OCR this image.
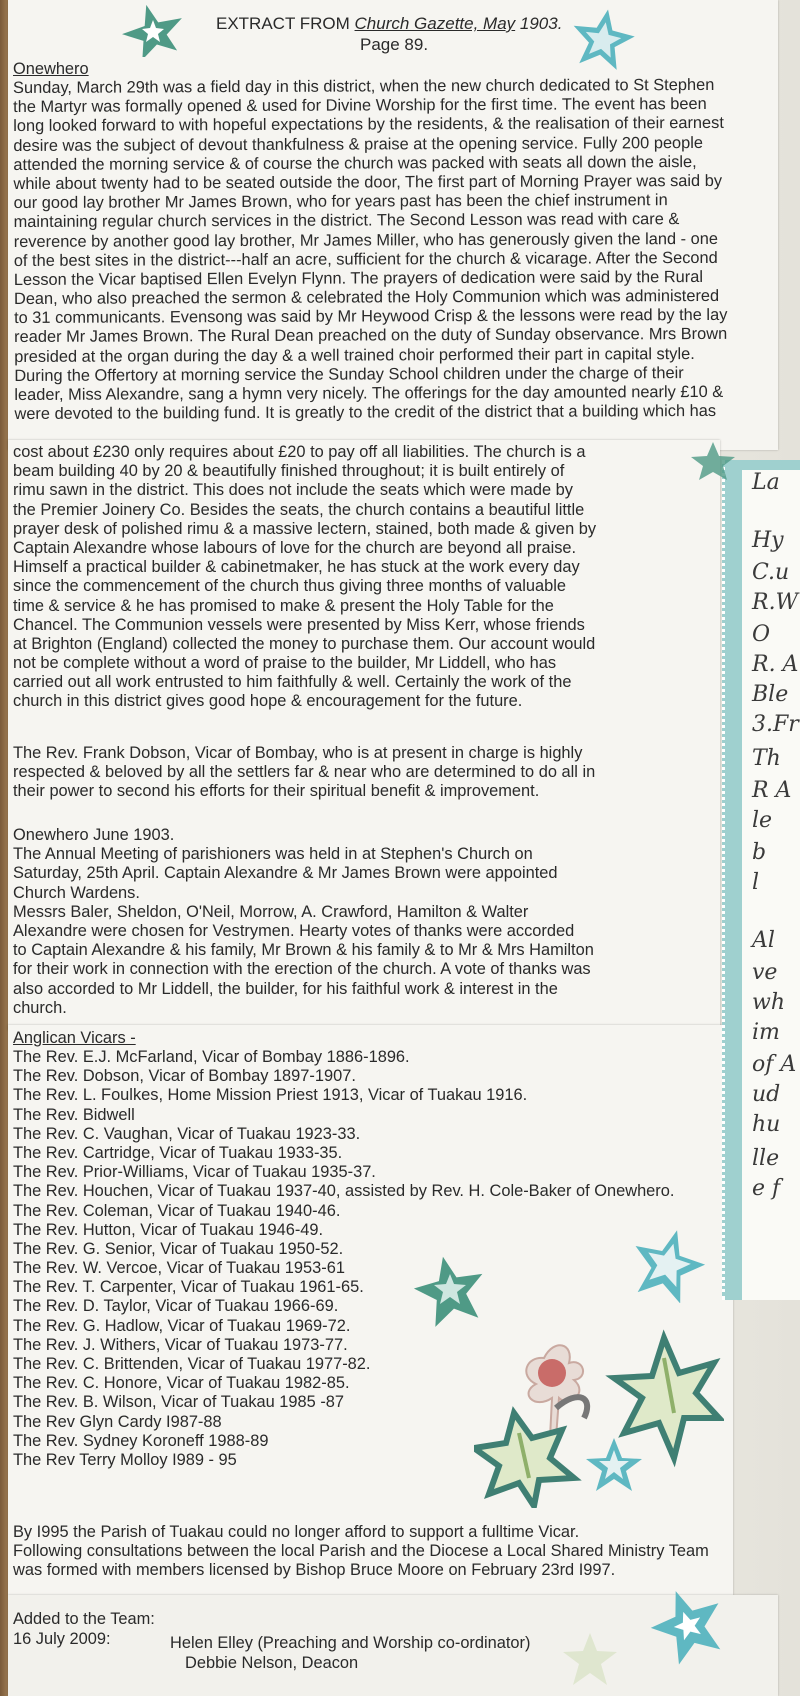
La
Hy
C.u
R.W
O
R. A
Ble
3.Fr
Th
R A
le
b
l
Al
ve
wh
im
of A
ud
hu
lle
e f
EXTRACT FROM Church Gazette, May 1903.
Page 89.
Onewhero
Sunday, March 29th was a field day in this district, when the new church dedicated to St Stephen
the Martyr was formally opened & used for Divine Worship for the first time. The event has been
long looked forward to with hopeful expectations by the residents, & the realisation of their earnest
desire was the subject of devout thankfulness & praise at the opening service. Fully 200 people
attended the morning service & of course the church was packed with seats all down the aisle,
while about twenty had to be seated outside the door, The first part of Morning Prayer was said by
our good lay brother Mr James Brown, who for years past has been the chief instrument in
maintaining regular church services in the district. The Second Lesson was read with care &
reverence by another good lay brother, Mr James Miller, who has generously given the land - one
of the best sites in the district---half an acre, sufficient for the church & vicarage. After the Second
Lesson the Vicar baptised Ellen Evelyn Flynn. The prayers of dedication were said by the Rural
Dean, who also preached the sermon & celebrated the Holy Communion which was administered
to 31 communicants. Evensong was said by Mr Heywood Crisp & the lessons were read by the lay
reader Mr James Brown. The Rural Dean preached on the duty of Sunday observance. Mrs Brown
presided at the organ during the day & a well trained choir performed their part in capital style.
During the Offertory at morning service the Sunday School children under the charge of their
leader, Miss Alexandre, sang a hymn very nicely. The offerings for the day amounted nearly £10 &
were devoted to the building fund. It is greatly to the credit of the district that a building which has
cost about £230 only requires about £20 to pay off all liabilities. The church is a
beam building 40 by 20 & beautifully finished throughout; it is built entirely of
rimu sawn in the district. This does not include the seats which were made by
the Premier Joinery Co. Besides the seats, the church contains a beautiful little
prayer desk of polished rimu & a massive lectern, stained, both made & given by
Captain Alexandre whose labours of love for the church are beyond all praise.
Himself a practical builder & cabinetmaker, he has stuck at the work every day
since the commencement of the church thus giving three months of valuable
time & service & he has promised to make & present the Holy Table for the
Chancel. The Communion vessels were presented by Miss Kerr, whose friends
at Brighton (England) collected the money to purchase them. Our account would
not be complete without a word of praise to the builder, Mr Liddell, who has
carried out all work entrusted to him faithfully & well. Certainly the work of the
church in this district gives good hope & encouragement for the future.
The Rev. Frank Dobson, Vicar of Bombay, who is at present in charge is highly
respected & beloved by all the settlers far & near who are determined to do all in
their power to second his efforts for their spiritual benefit & improvement.
Onewhero June 1903.
The Annual Meeting of parishioners was held in at Stephen's Church on
Saturday, 25th April. Captain Alexandre & Mr James Brown were appointed
Church Wardens.
Messrs Baler, Sheldon, O'Neil, Morrow, A. Crawford, Hamilton & Walter
Alexandre were chosen for Vestrymen. Hearty votes of thanks were accorded
to Captain Alexandre & his family, Mr Brown & his family & to Mr & Mrs Hamilton
for their work in connection with the erection of the church. A vote of thanks was
also accorded to Mr Liddell, the builder, for his faithful work & interest in the
church.
Anglican Vicars -
The Rev. E.J. McFarland, Vicar of Bombay 1886-1896.
The Rev. Dobson, Vicar of Bombay 1897-1907.
The Rev. L. Foulkes, Home Mission Priest 1913, Vicar of Tuakau 1916.
The Rev. Bidwell
The Rev. C. Vaughan, Vicar of Tuakau 1923-33.
The Rev. Cartridge, Vicar of Tuakau 1933-35.
The Rev. Prior-Williams, Vicar of Tuakau 1935-37.
The Rev. Houchen, Vicar of Tuakau 1937-40, assisted by Rev. H. Cole-Baker of Onewhero.
The Rev. Coleman, Vicar of Tuakau 1940-46.
The Rev. Hutton, Vicar of Tuakau 1946-49.
The Rev. G. Senior, Vicar of Tuakau 1950-52.
The Rev. W. Vercoe, Vicar of Tuakau 1953-61
The Rev. T. Carpenter, Vicar of Tuakau 1961-65.
The Rev. D. Taylor, Vicar of Tuakau 1966-69.
The Rev. G. Hadlow, Vicar of Tuakau 1969-72.
The Rev. J. Withers, Vicar of Tuakau 1973-77.
The Rev. C. Brittenden, Vicar of Tuakau 1977-82.
The Rev. C. Honore, Vicar of Tuakau 1982-85.
The Rev. B. Wilson, Vicar of Tuakau 1985 -87
The Rev Glyn Cardy I987-88
The Rev. Sydney Koroneff 1988-89
The Rev Terry Molloy I989 - 95
By I995 the Parish of Tuakau could no longer afford to support a fulltime Vicar.
Following consultations between the local Parish and the Diocese a Local Shared Ministry Team
was formed with members licensed by Bishop Bruce Moore on February 23rd I997.
Added to the Team:
16 July 2009:	Helen Elley (Preaching and Worship co-ordinator)
Debbie Nelson, Deacon
